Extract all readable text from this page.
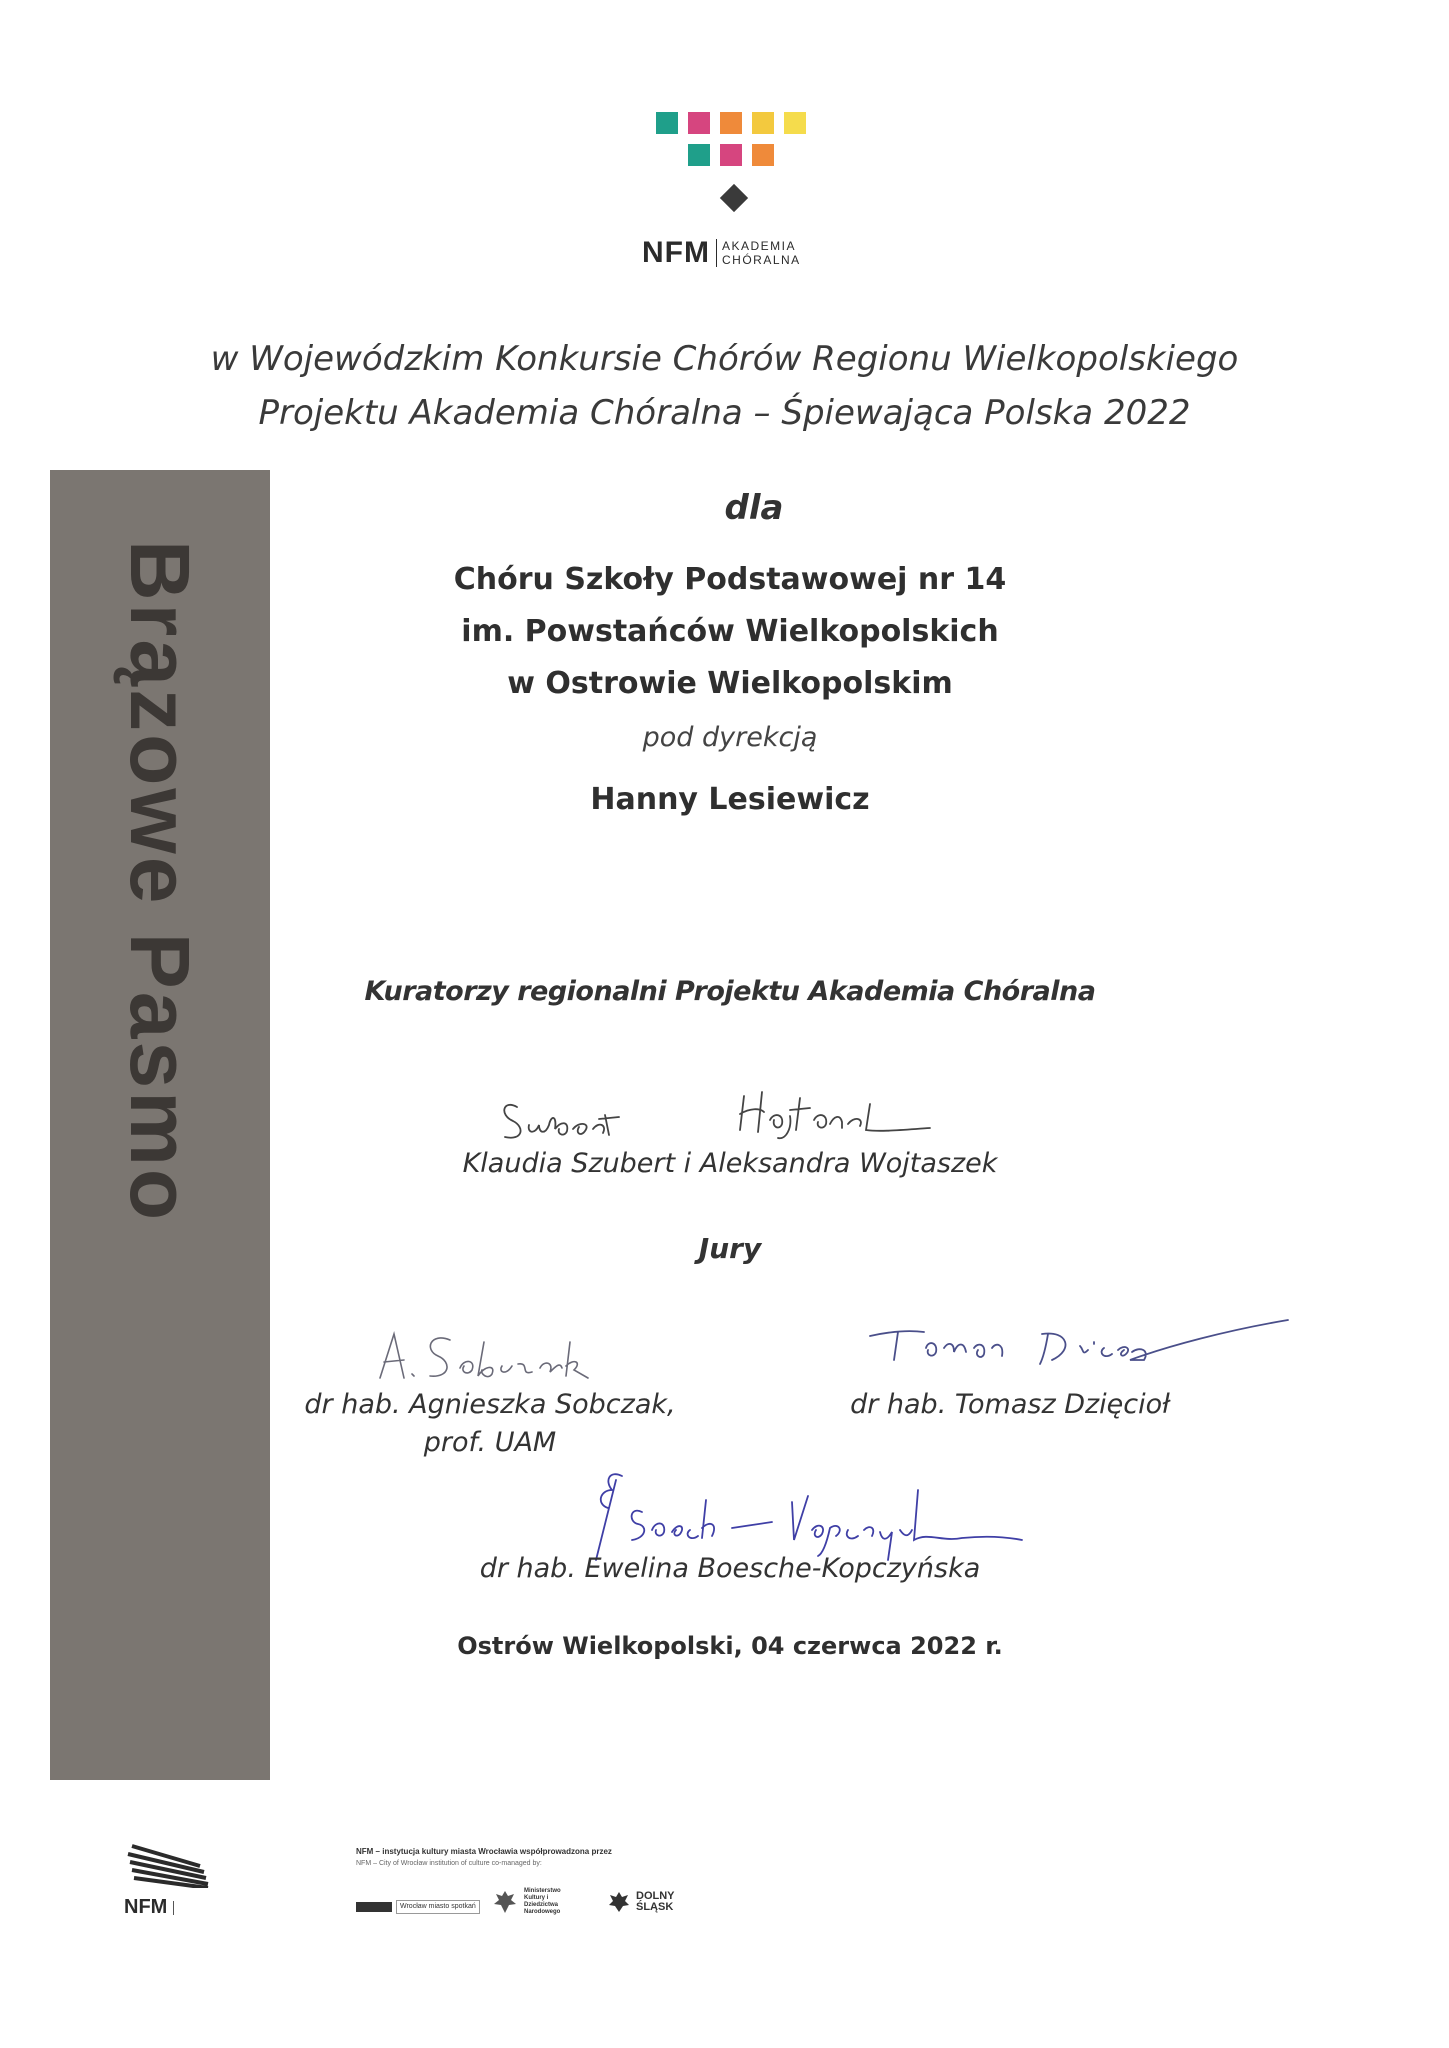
NFM AKADEMIA
CHÓRALNA
w Wojewódzkim Konkursie Chórów Regionu Wielkopolskiego
Projektu Akademia Chóralna – Śpiewająca Polska 2022
Brązowe Pasmo
dla
Chóru Szkoły Podstawowej nr 14
im. Powstańców Wielkopolskich
w Ostrowie Wielkopolskim
pod dyrekcją
Hanny Lesiewicz
Kuratorzy regionalni Projektu Akademia Chóralna
Klaudia Szubert i Aleksandra Wojtaszek
Jury
dr hab. Agnieszka Sobczak,
prof. UAM
dr hab. Tomasz Dzięcioł
dr hab. Ewelina Boesche-Kopczyńska
Ostrów Wielkopolski, 04 czerwca 2022 r.
NFM
NFM – instytucja kultury miasta Wrocławia współprowadzona przez
NFM – City of Wrocław institution of culture co-managed by:
Wrocław miasto spotkań
Ministerstwo Kultury i Dziedzictwa Narodowego
DOLNY ŚLĄSK
